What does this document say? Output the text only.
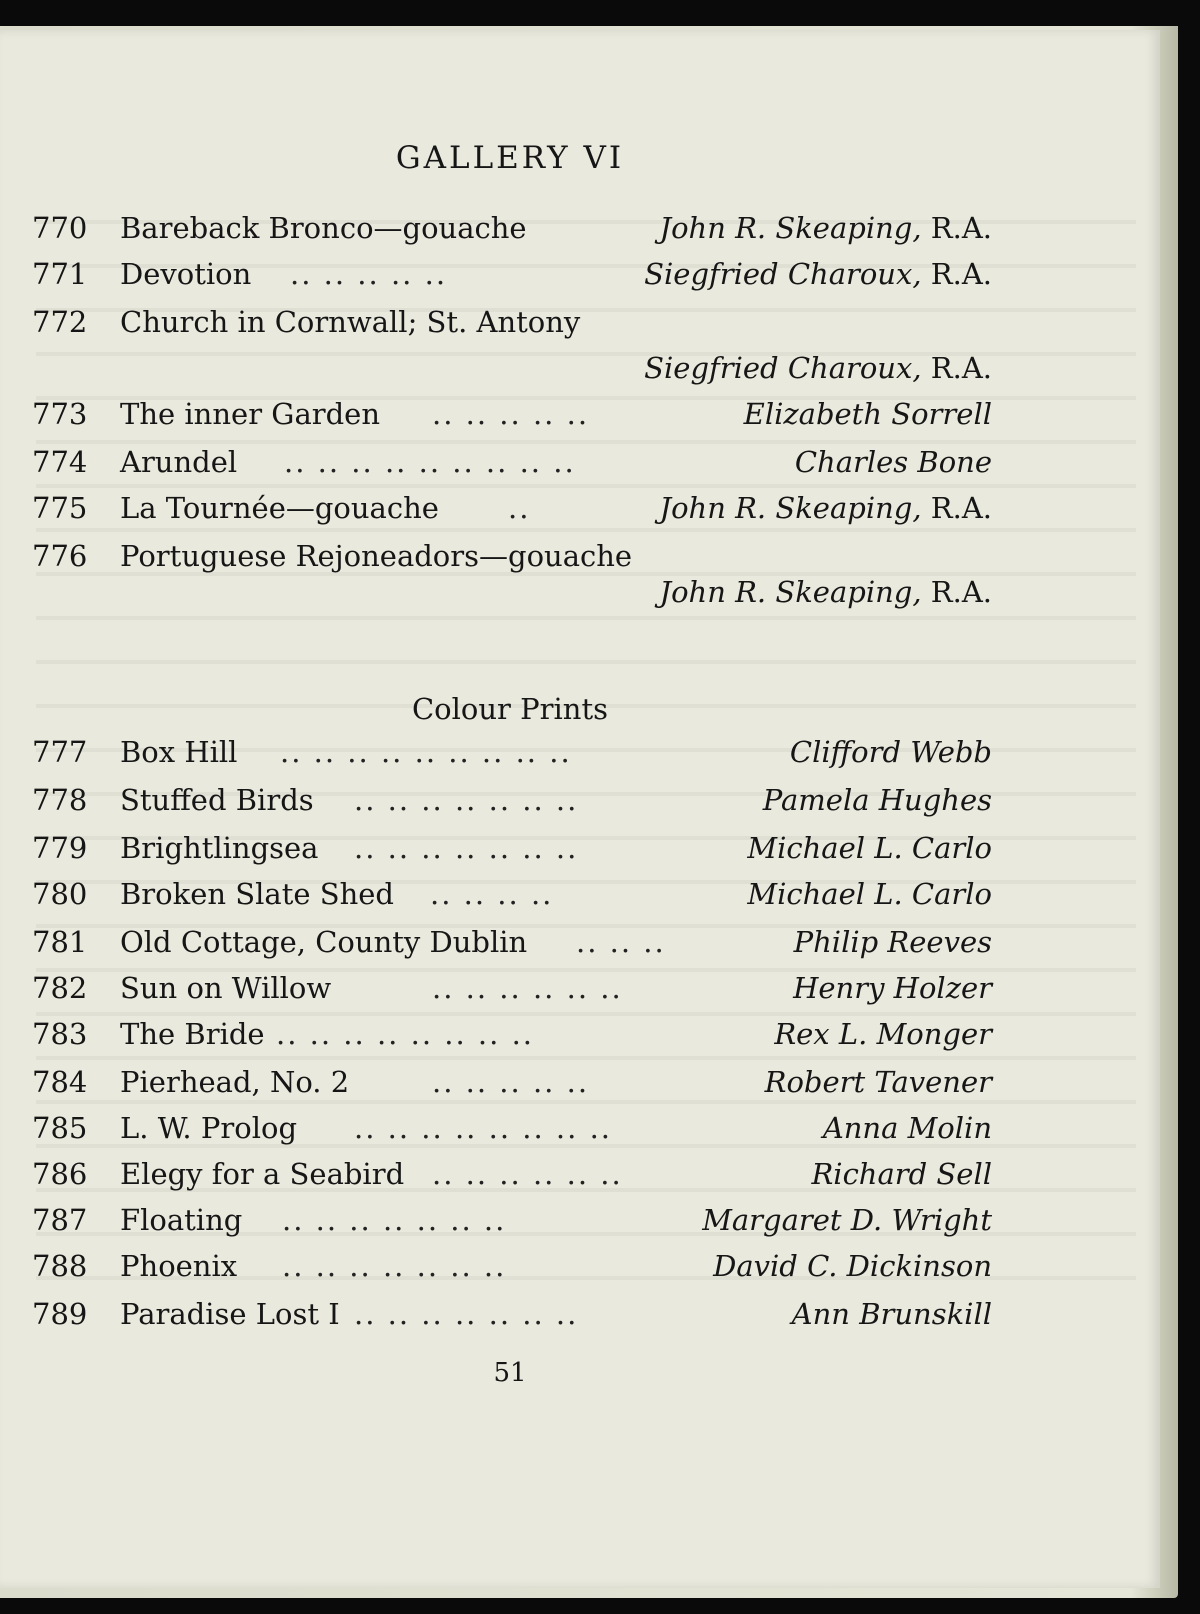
GALLERY VI
770 Bareback Bronco—gouache	John R. Skeaping, R.A.
771 Devotion .. .. .. .. ..	Siegfried Charoux, R.A.
772 Church in Cornwall; St. Antony
Siegfried Charoux, R.A.
773 The inner Garden .. .. .. .. ..	Elizabeth Sorrell
774 Arundel .. .. .. .. .. .. .. .. ..	Charles Bone
775 La Tournée—gouache ..	John R. Skeaping, R.A.
776 Portuguese Rejoneadors—gouache
John R. Skeaping, R.A.
Colour Prints
777 Box Hill .. .. .. .. .. .. .. .. ..	Clifford Webb
778 Stuffed Birds .. .. .. .. .. .. ..	Pamela Hughes
779 Brightlingsea .. .. .. .. .. .. ..	Michael L. Carlo
780 Broken Slate Shed .. .. .. ..	Michael L. Carlo
781 Old Cottage, County Dublin .. .. ..	Philip Reeves
782 Sun on Willow	.. .. .. .. .. ..	Henry Holzer
783 The Bride .. .. .. .. .. .. .. ..	Rex L. Monger
784 Pierhead, No. 2	.. .. .. .. ..	Robert Tavener
785 L. W. Prolog .. .. .. .. .. .. .. ..	Anna Molin
786 Elegy for a Seabird .. .. .. .. .. ..	Richard Sell
787 Floating .. .. .. .. .. .. ..	Margaret D. Wright
788 Phoenix .. .. .. .. .. .. ..	David C. Dickinson
789 Paradise Lost I .. .. .. .. .. .. ..	Ann Brunskill
51
